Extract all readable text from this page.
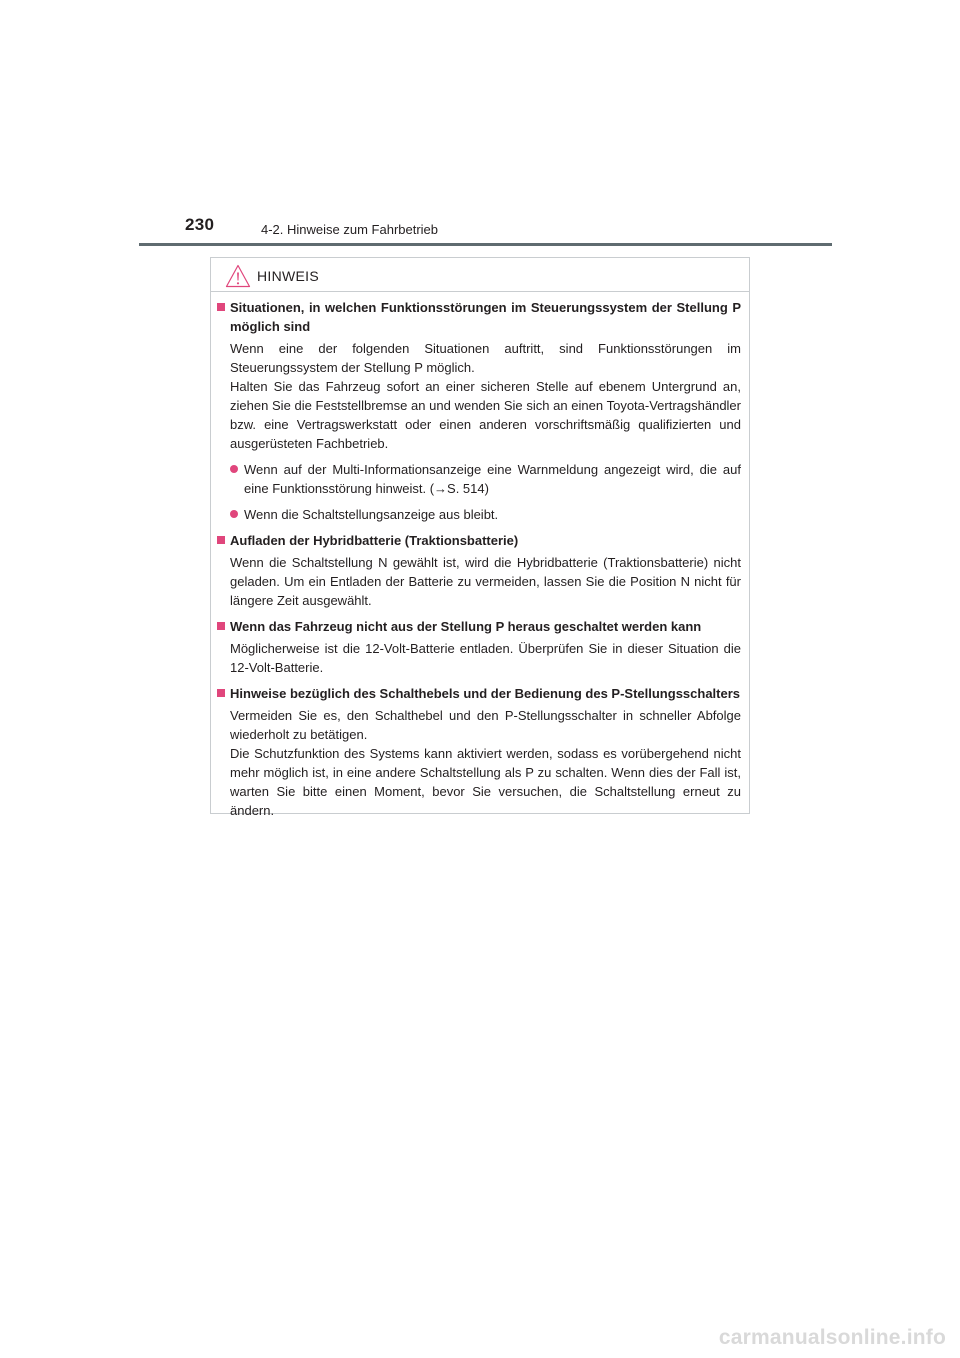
230	4-2. Hinweise zum Fahrbetrieb
HINWEIS
Situationen, in welchen Funktionsstörungen im Steuerungssystem der Stellung P möglich sind
Wenn eine der folgenden Situationen auftritt, sind Funktionsstörungen im Steuerungssystem der Stellung P möglich.
Halten Sie das Fahrzeug sofort an einer sicheren Stelle auf ebenem Untergrund an, ziehen Sie die Feststellbremse an und wenden Sie sich an einen Toyota-Vertragshändler bzw. eine Vertragswerkstatt oder einen anderen vorschriftsmäßig qualifizierten und ausgerüsteten Fachbetrieb.
Wenn auf der Multi-Informationsanzeige eine Warnmeldung angezeigt wird, die auf eine Funktionsstörung hinweist. (→S. 514)
Wenn die Schaltstellungsanzeige aus bleibt.
Aufladen der Hybridbatterie (Traktionsbatterie)
Wenn die Schaltstellung N gewählt ist, wird die Hybridbatterie (Traktionsbatterie) nicht geladen. Um ein Entladen der Batterie zu vermeiden, lassen Sie die Position N nicht für längere Zeit ausgewählt.
Wenn das Fahrzeug nicht aus der Stellung P heraus geschaltet werden kann
Möglicherweise ist die 12-Volt-Batterie entladen. Überprüfen Sie in dieser Situation die 12-Volt-Batterie.
Hinweise bezüglich des Schalthebels und der Bedienung des P-Stellungsschalters
Vermeiden Sie es, den Schalthebel und den P-Stellungsschalter in schneller Abfolge wiederholt zu betätigen.
Die Schutzfunktion des Systems kann aktiviert werden, sodass es vorübergehend nicht mehr möglich ist, in eine andere Schaltstellung als P zu schalten. Wenn dies der Fall ist, warten Sie bitte einen Moment, bevor Sie versuchen, die Schaltstellung erneut zu ändern.
carmanualsonline.info
